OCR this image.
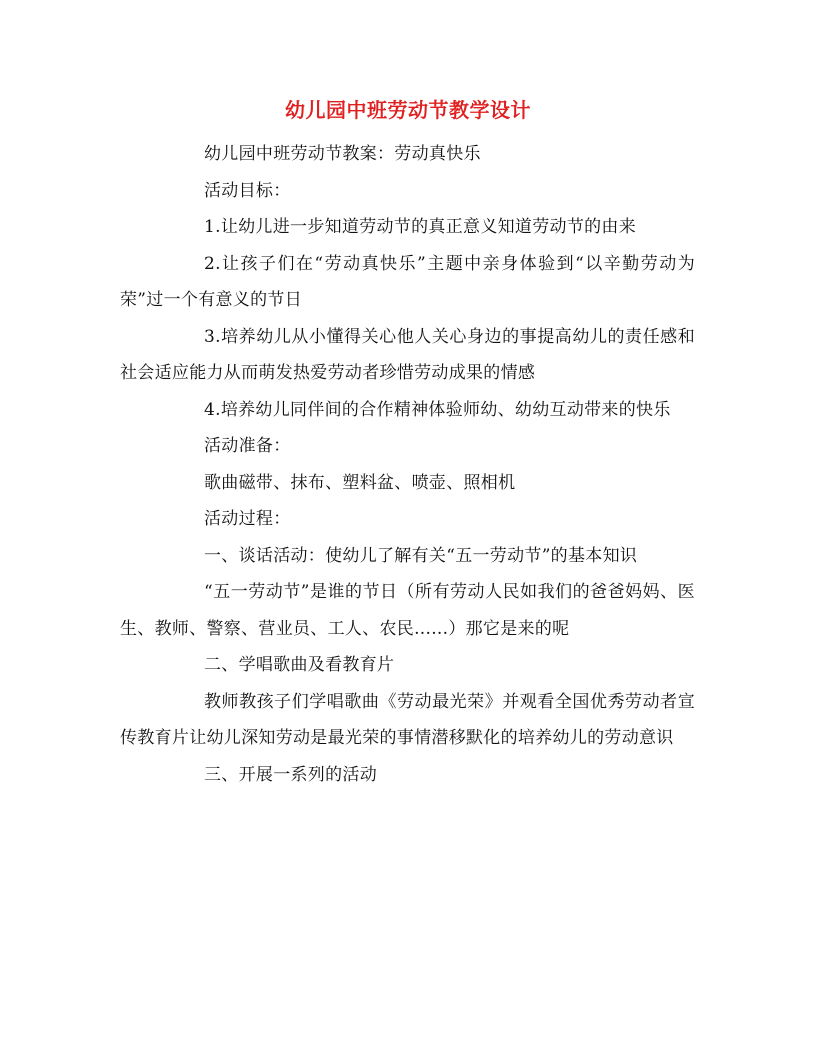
幼儿园中班劳动节教学设计

幼儿园中班劳动节教案：劳动真快乐

活动目标：

1.让幼儿进一步知道劳动节的真正意义知道劳动节的由来

2.让孩子们在“劳动真快乐”主题中亲身体验到“以辛勤劳动为荣”过一个有意义的节日

3.培养幼儿从小懂得关心他人关心身边的事提高幼儿的责任感和社会适应能力从而萌发热爱劳动者珍惜劳动成果的情感

4.培养幼儿同伴间的合作精神体验师幼、幼幼互动带来的快乐

活动准备：

歌曲磁带、抹布、塑料盆、喷壶、照相机

活动过程：

一、谈话活动：使幼儿了解有关“五一劳动节”的基本知识

“五一劳动节”是谁的节日（所有劳动人民如我们的爸爸妈妈、医生、教师、警察、营业员、工人、农民......）那它是来的呢

二、学唱歌曲及看教育片

教师教孩子们学唱歌曲《劳动最光荣》并观看全国优秀劳动者宣传教育片让幼儿深知劳动是最光荣的事情潜移默化的培养幼儿的劳动意识

三、开展一系列的活动
